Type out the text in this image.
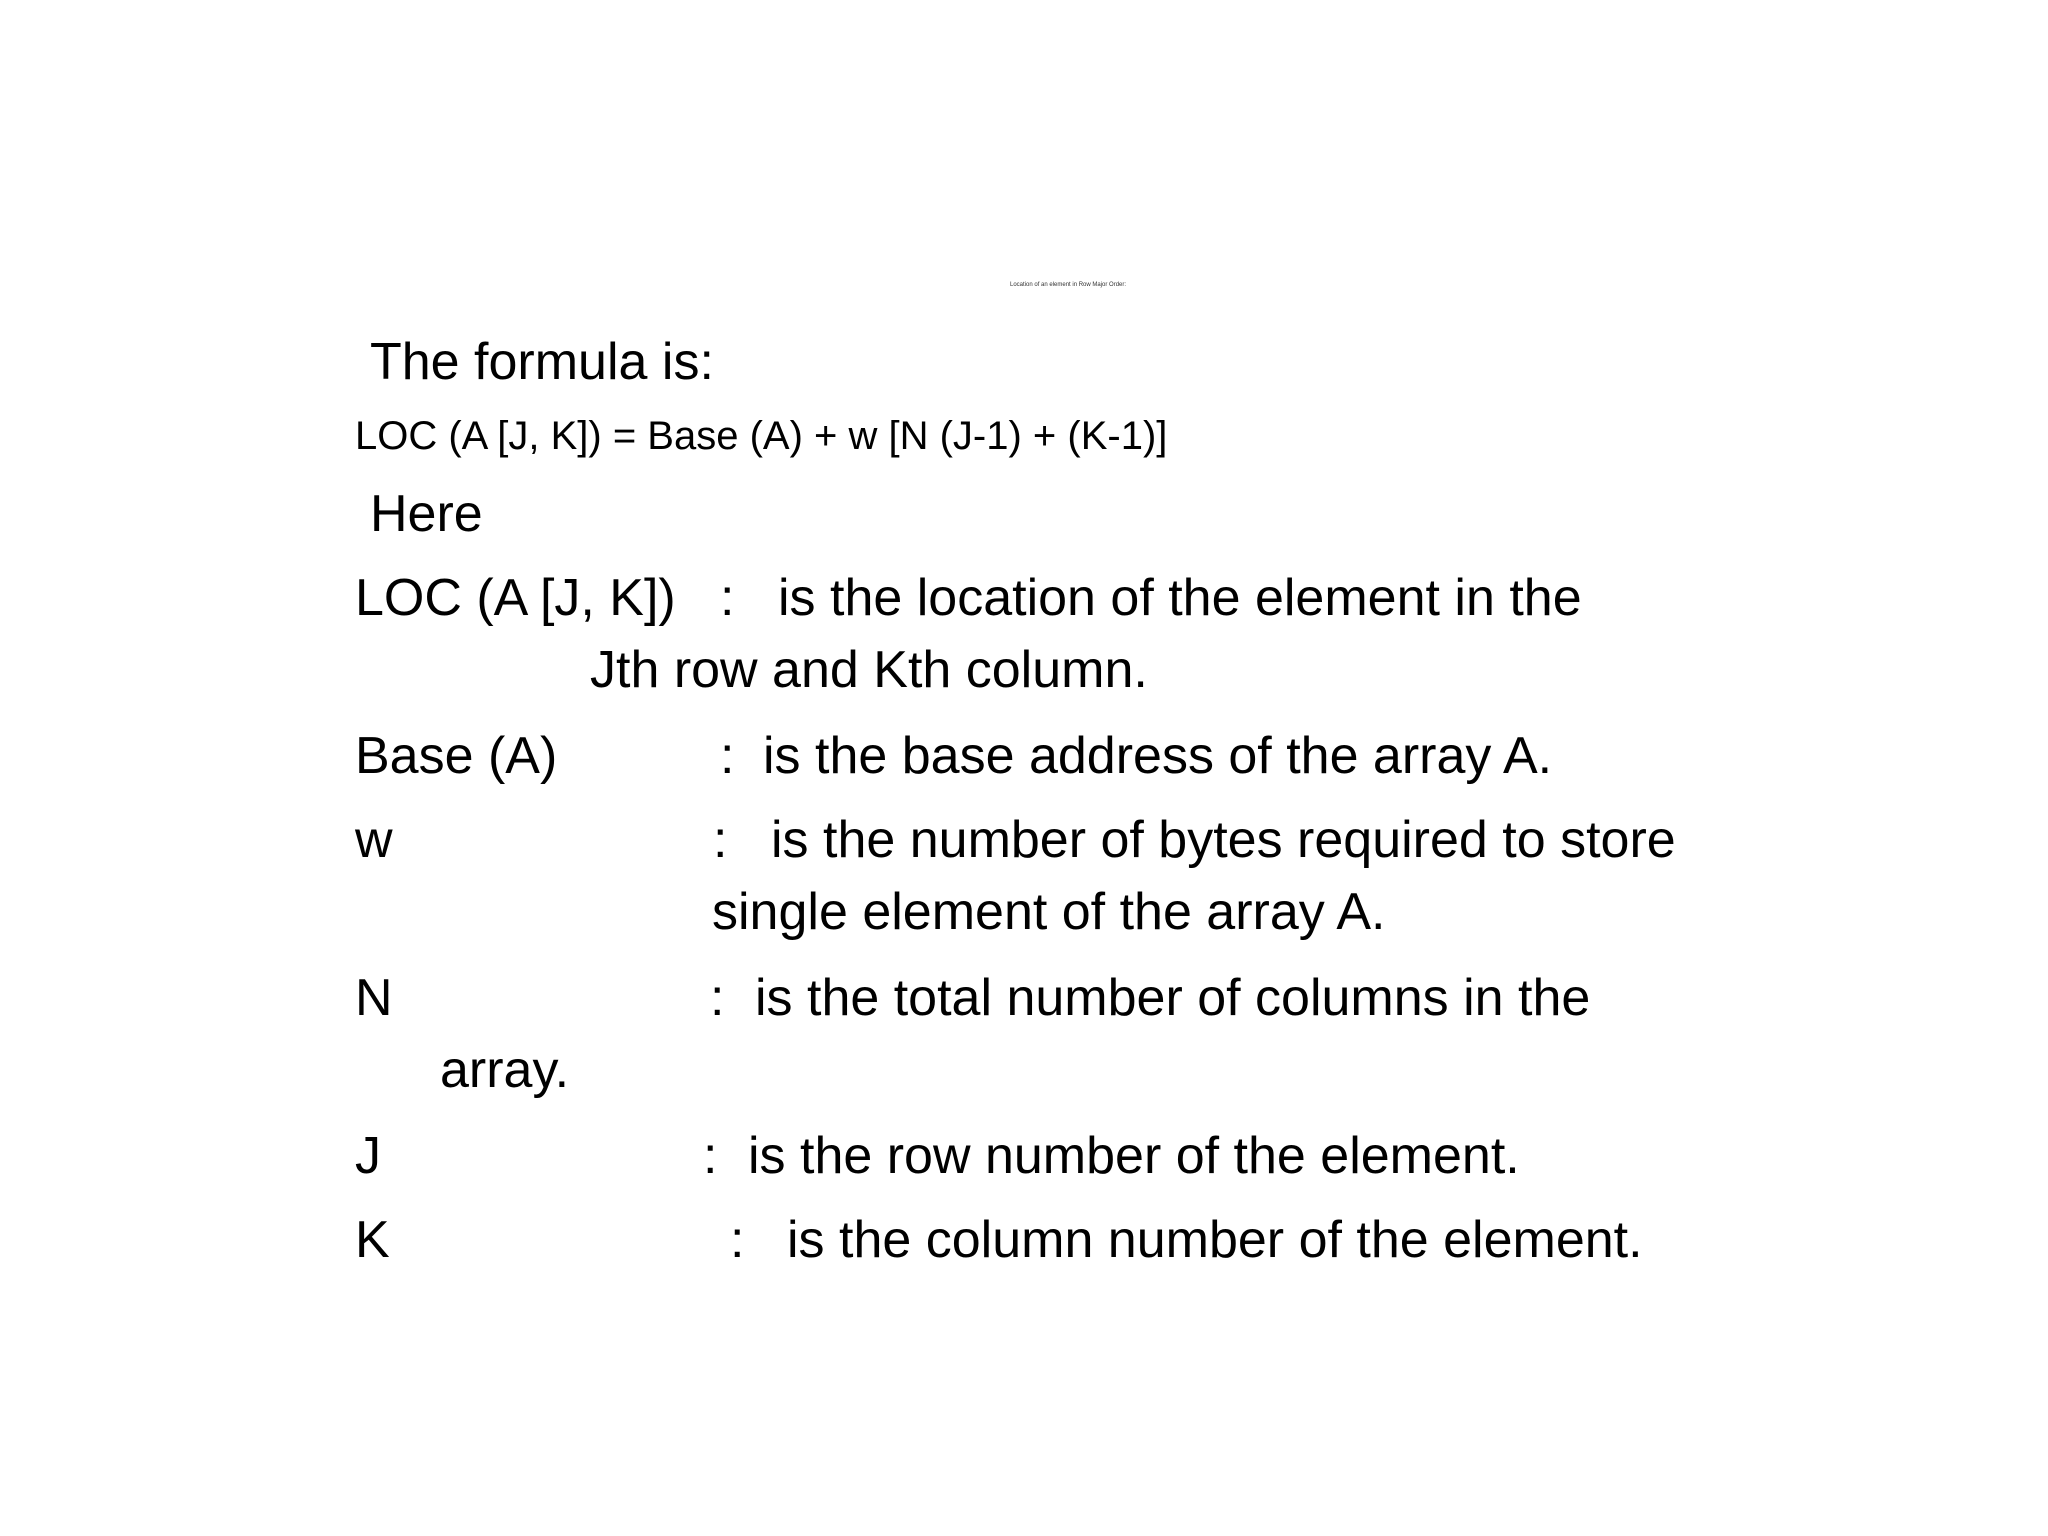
Location of an element in Row Major Order:
The formula is:
LOC (A [J, K]) = Base (A) + w [N (J-1) + (K-1)]
Here
LOC (A [J, K]) : is the location of the element in the
Jth row and Kth column.
Base (A)	: is the base address of the array A.
w	: is the number of bytes required to store
single element of the array A.
N	: is the total number of columns in the
array.
J	: is the row number of the element.
K	: is the column number of the element.
